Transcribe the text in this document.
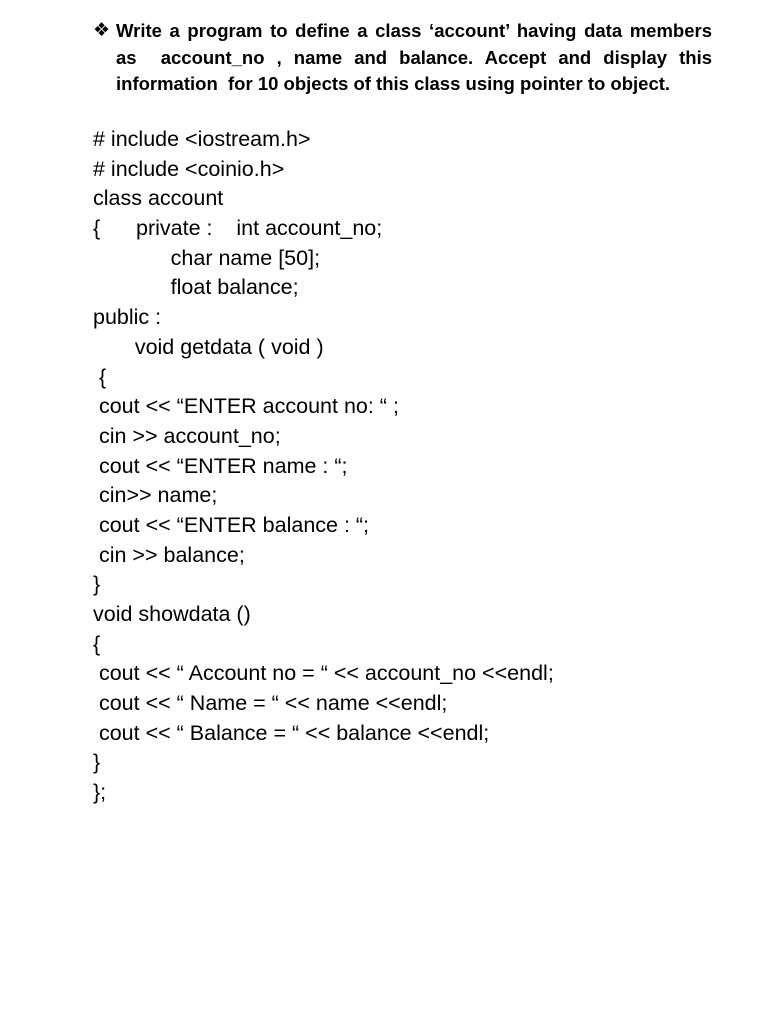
❖ Write a program to define a class ‘account’ having data members as  account_no , name and balance. Accept and display this information  for 10 objects of this class using pointer to object.
# include <iostream.h>
# include <coinio.h>
class account
{      private :    int account_no;
char name [50];
float balance;
public :
void getdata ( void )
{
cout << “ENTER account no: “ ;
cin >> account_no;
cout << “ENTER name : “;
cin>> name;
cout << “ENTER balance : “;
cin >> balance;
}
void showdata ()
{
cout << “ Account no = “ << account_no <<endl;
cout << “ Name = “ << name <<endl;
cout << “ Balance = “ << balance <<endl;
}
};
